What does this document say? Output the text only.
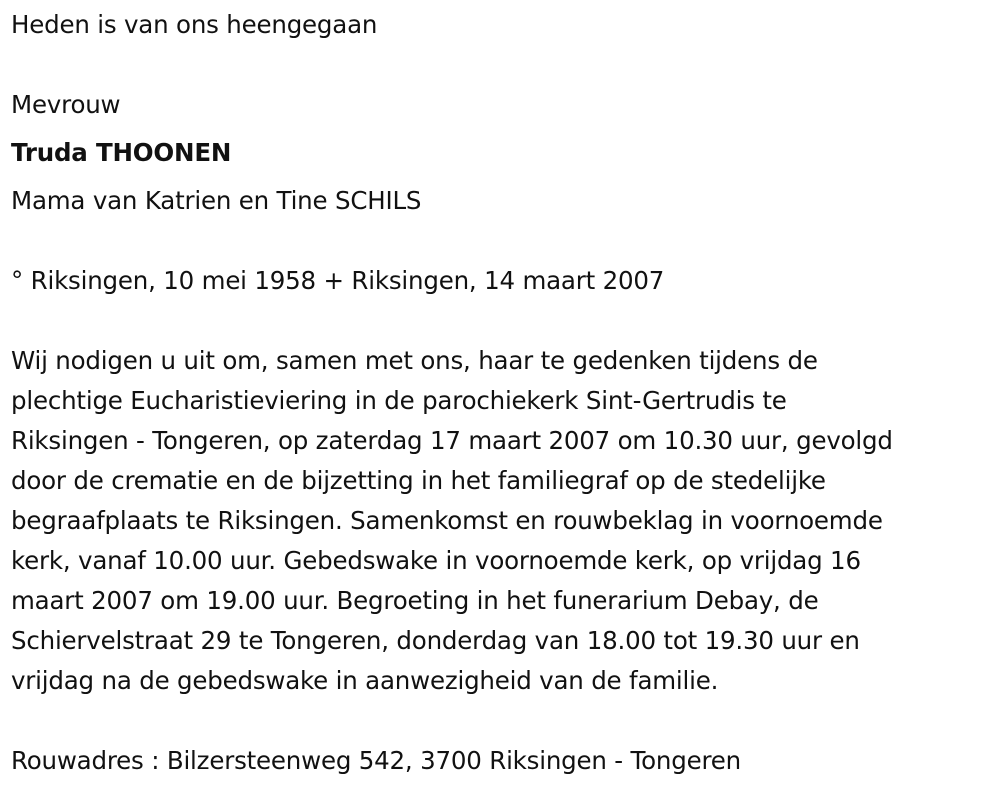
Heden is van ons heengegaan

Mevrouw

Truda THOONEN

Mama van Katrien en Tine SCHILS

° Riksingen, 10 mei 1958 + Riksingen, 14 maart 2007

Wij nodigen u uit om, samen met ons, haar te gedenken tijdens de
plechtige Eucharistieviering in de parochiekerk Sint-Gertrudis te
Riksingen - Tongeren, op zaterdag 17 maart 2007 om 10.30 uur, gevolgd
door de crematie en de bijzetting in het familiegraf op de stedelijke
begraafplaats te Riksingen. Samenkomst en rouwbeklag in voornoemde
kerk, vanaf 10.00 uur. Gebedswake in voornoemde kerk, op vrijdag 16
maart 2007 om 19.00 uur. Begroeting in het funerarium Debay, de
Schiervelstraat 29 te Tongeren, donderdag van 18.00 tot 19.30 uur en
vrijdag na de gebedswake in aanwezigheid van de familie.

Rouwadres : Bilzersteenweg 542, 3700 Riksingen - Tongeren
